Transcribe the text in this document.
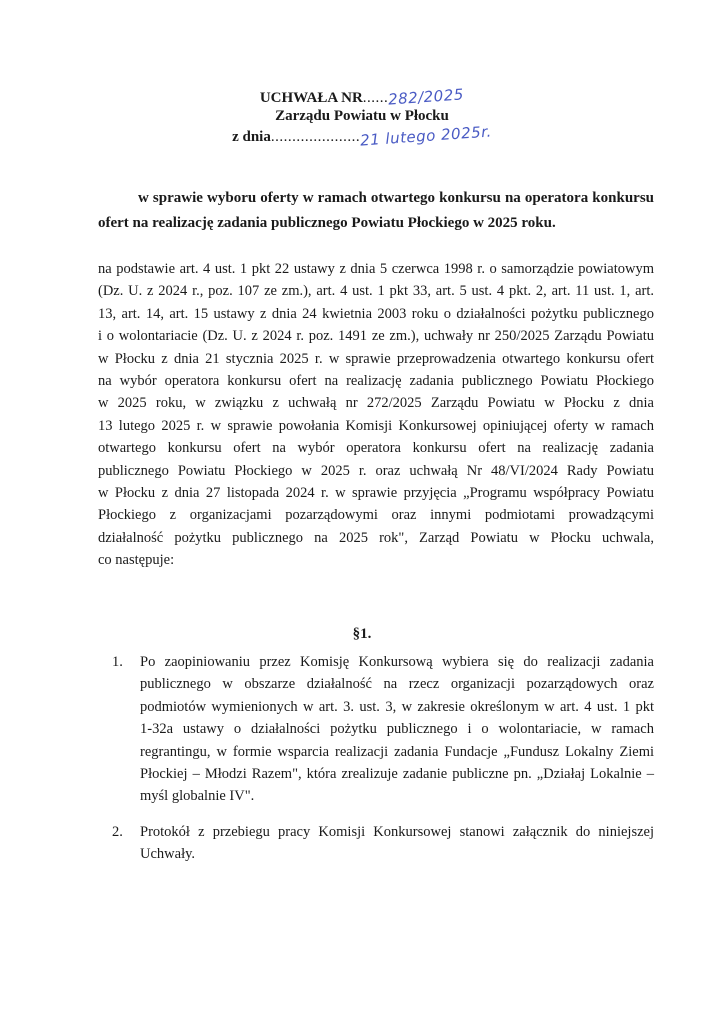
UCHWAŁA NR......282/2025
Zarządu Powiatu w Płocku
z dnia.....................21 lutego 2025r.
w sprawie wyboru oferty w ramach otwartego konkursu na operatora konkursu
ofert na realizację zadania publicznego Powiatu Płockiego w 2025 roku.
na podstawie art. 4 ust. 1 pkt 22 ustawy z dnia 5 czerwca 1998 r. o samorządzie powiatowym
(Dz. U. z 2024 r., poz. 107 ze zm.), art. 4 ust. 1 pkt 33, art. 5 ust. 4 pkt. 2, art. 11 ust. 1, art.
13, art. 14, art. 15 ustawy z dnia 24 kwietnia 2003 roku o działalności pożytku publicznego
i o wolontariacie (Dz. U. z 2024 r. poz. 1491 ze zm.), uchwały nr 250/2025 Zarządu Powiatu
w Płocku z dnia 21 stycznia 2025 r. w sprawie przeprowadzenia otwartego konkursu ofert
na wybór operatora konkursu ofert na realizację zadania publicznego Powiatu Płockiego
w 2025 roku, w związku z uchwałą nr 272/2025 Zarządu Powiatu w Płocku z dnia
13 lutego 2025 r. w sprawie powołania Komisji Konkursowej opiniującej oferty w ramach
otwartego konkursu ofert na wybór operatora konkursu ofert na realizację zadania
publicznego Powiatu Płockiego w 2025 r. oraz uchwałą Nr 48/VI/2024 Rady Powiatu
w Płocku z dnia 27 listopada 2024 r. w sprawie przyjęcia „Programu współpracy Powiatu
Płockiego z organizacjami pozarządowymi oraz innymi podmiotami prowadzącymi
działalność pożytku publicznego na 2025 rok", Zarząd Powiatu w Płocku uchwala,
co następuje:
§1.
1. Po zaopiniowaniu przez Komisję Konkursową wybiera się do realizacji zadania
publicznego w obszarze działalność na rzecz organizacji pozarządowych oraz
podmiotów wymienionych w art. 3. ust. 3, w zakresie określonym w art. 4 ust. 1 pkt
1-32a ustawy o działalności pożytku publicznego i o wolontariacie, w ramach
regrantingu, w formie wsparcia realizacji zadania Fundacje „Fundusz Lokalny Ziemi
Płockiej – Młodzi Razem", która zrealizuje zadanie publiczne pn. „Działaj Lokalnie –
myśl globalnie IV".
2. Protokół z przebiegu pracy Komisji Konkursowej stanowi załącznik do niniejszej
Uchwały.
